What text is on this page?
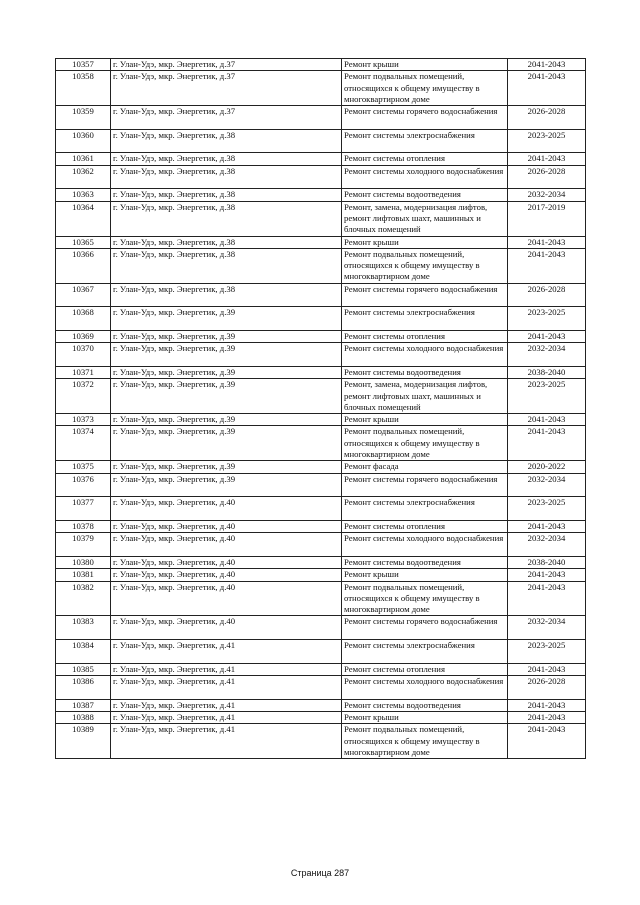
10357	г. Улан-Удэ, мкр. Энергетик, д.37	Ремонт крыши	2041-2043
10358	г. Улан-Удэ, мкр. Энергетик, д.37	Ремонт подвальных помещений, относящихся к общему имуществу в многоквартирном доме	2041-2043
10359	г. Улан-Удэ, мкр. Энергетик, д.37	Ремонт системы горячего водоснабжения	2026-2028
10360	г. Улан-Удэ, мкр. Энергетик, д.38	Ремонт системы электроснабжения	2023-2025
10361	г. Улан-Удэ, мкр. Энергетик, д.38	Ремонт системы отопления	2041-2043
10362	г. Улан-Удэ, мкр. Энергетик, д.38	Ремонт системы холодного водоснабжения	2026-2028
10363	г. Улан-Удэ, мкр. Энергетик, д.38	Ремонт системы водоотведения	2032-2034
10364	г. Улан-Удэ, мкр. Энергетик, д.38	Ремонт, замена, модернизация лифтов, ремонт лифтовых шахт, машинных и блочных помещений	2017-2019
10365	г. Улан-Удэ, мкр. Энергетик, д.38	Ремонт крыши	2041-2043
10366	г. Улан-Удэ, мкр. Энергетик, д.38	Ремонт подвальных помещений, относящихся к общему имуществу в многоквартирном доме	2041-2043
10367	г. Улан-Удэ, мкр. Энергетик, д.38	Ремонт системы горячего водоснабжения	2026-2028
10368	г. Улан-Удэ, мкр. Энергетик, д.39	Ремонт системы электроснабжения	2023-2025
10369	г. Улан-Удэ, мкр. Энергетик, д.39	Ремонт системы отопления	2041-2043
10370	г. Улан-Удэ, мкр. Энергетик, д.39	Ремонт системы холодного водоснабжения	2032-2034
10371	г. Улан-Удэ, мкр. Энергетик, д.39	Ремонт системы водоотведения	2038-2040
10372	г. Улан-Удэ, мкр. Энергетик, д.39	Ремонт, замена, модернизация лифтов, ремонт лифтовых шахт, машинных и блочных помещений	2023-2025
10373	г. Улан-Удэ, мкр. Энергетик, д.39	Ремонт крыши	2041-2043
10374	г. Улан-Удэ, мкр. Энергетик, д.39	Ремонт подвальных помещений, относящихся к общему имуществу в многоквартирном доме	2041-2043
10375	г. Улан-Удэ, мкр. Энергетик, д.39	Ремонт фасада	2020-2022
10376	г. Улан-Удэ, мкр. Энергетик, д.39	Ремонт системы горячего водоснабжения	2032-2034
10377	г. Улан-Удэ, мкр. Энергетик, д.40	Ремонт системы электроснабжения	2023-2025
10378	г. Улан-Удэ, мкр. Энергетик, д.40	Ремонт системы отопления	2041-2043
10379	г. Улан-Удэ, мкр. Энергетик, д.40	Ремонт системы холодного водоснабжения	2032-2034
10380	г. Улан-Удэ, мкр. Энергетик, д.40	Ремонт системы водоотведения	2038-2040
10381	г. Улан-Удэ, мкр. Энергетик, д.40	Ремонт крыши	2041-2043
10382	г. Улан-Удэ, мкр. Энергетик, д.40	Ремонт подвальных помещений, относящихся к общему имуществу в многоквартирном доме	2041-2043
10383	г. Улан-Удэ, мкр. Энергетик, д.40	Ремонт системы горячего водоснабжения	2032-2034
10384	г. Улан-Удэ, мкр. Энергетик, д.41	Ремонт системы электроснабжения	2023-2025
10385	г. Улан-Удэ, мкр. Энергетик, д.41	Ремонт системы отопления	2041-2043
10386	г. Улан-Удэ, мкр. Энергетик, д.41	Ремонт системы холодного водоснабжения	2026-2028
10387	г. Улан-Удэ, мкр. Энергетик, д.41	Ремонт системы водоотведения	2041-2043
10388	г. Улан-Удэ, мкр. Энергетик, д.41	Ремонт крыши	2041-2043
10389	г. Улан-Удэ, мкр. Энергетик, д.41	Ремонт подвальных помещений, относящихся к общему имуществу в многоквартирном доме	2041-2043
Страница 287
